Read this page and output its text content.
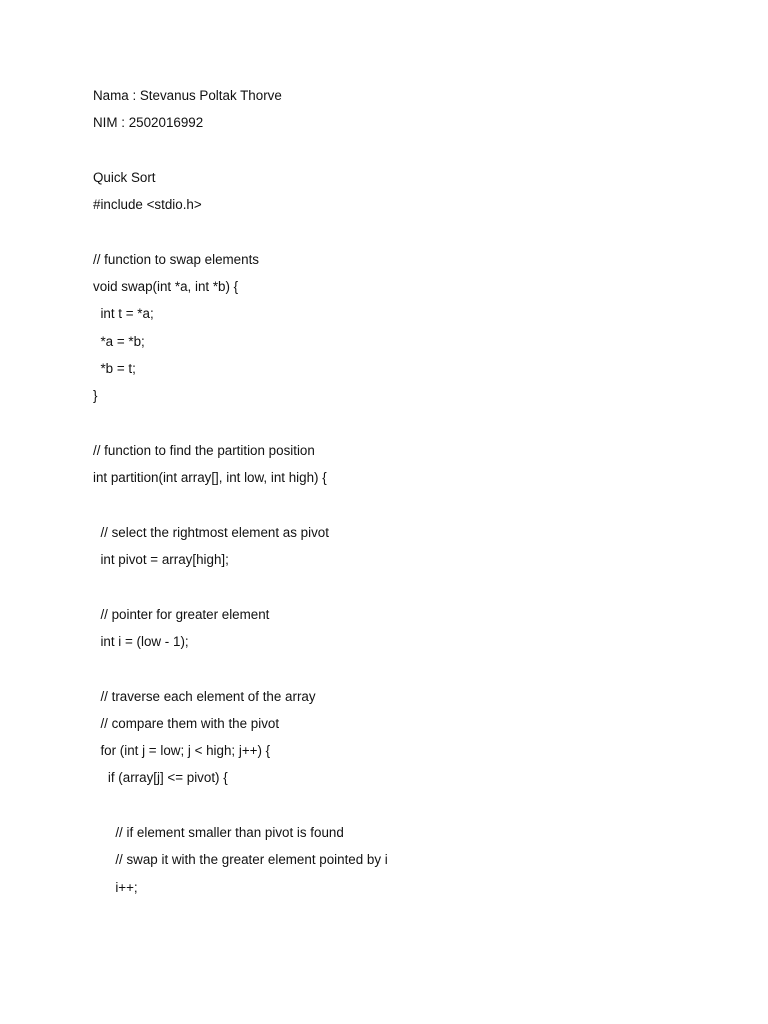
Nama : Stevanus Poltak Thorve

NIM : 2502016992

Quick Sort

#include <stdio.h>

// function to swap elements

void swap(int *a, int *b) {

int t = *a;

*a = *b;

*b = t;

}

// function to find the partition position

int partition(int array[], int low, int high) {

// select the rightmost element as pivot

int pivot = array[high];

// pointer for greater element

int i = (low - 1);

// traverse each element of the array

// compare them with the pivot

for (int j = low; j < high; j++) {

if (array[j] <= pivot) {

// if element smaller than pivot is found

// swap it with the greater element pointed by i

i++;
